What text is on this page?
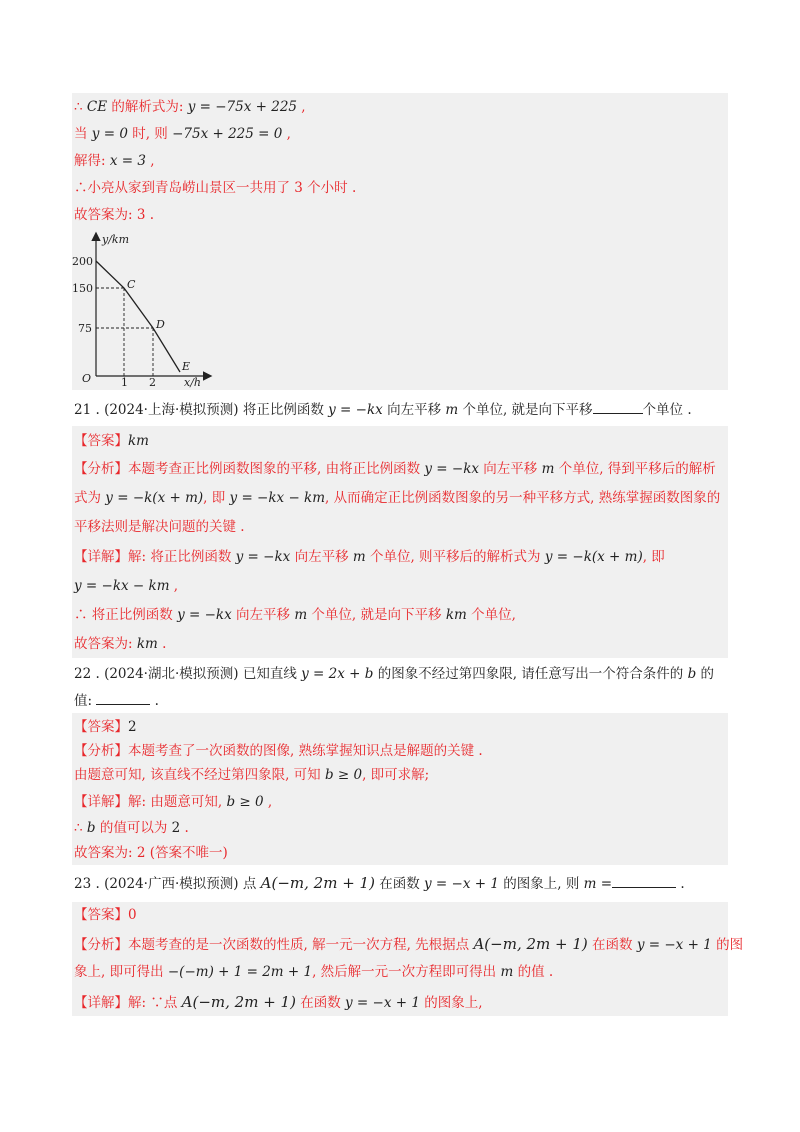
∴ CE 的解析式为: y = −75x + 225 ,
当 y = 0 时, 则 −75x + 225 = 0 ,
解得: x = 3 ,
∴小亮从家到青岛崂山景区一共用了 3 个小时 .
故答案为: 3 .
y/km
200
150
75
O	1 2	x/h
C
D
E
21 . (2024·上海·模拟预测) 将正比例函数 y = −kx 向左平移 m 个单位, 就是向下平移	个单位 .
【答案】km
【分析】本题考查正比例函数图象的平移, 由将正比例函数 y = −kx 向左平移 m 个单位, 得到平移后的解析
式为 y = −k(x + m), 即 y = −kx − km, 从而确定正比例函数图象的另一种平移方式, 熟练掌握函数图象的
平移法则是解决问题的关键 .
【详解】解: 将正比例函数 y = −kx 向左平移 m 个单位, 则平移后的解析式为 y = −k(x + m), 即
y = −kx − km ,
∴ 将正比例函数 y = −kx 向左平移 m 个单位, 就是向下平移 km 个单位,
故答案为: km .
22 . (2024·湖北·模拟预测) 已知直线 y = 2x + b 的图象不经过第四象限, 请任意写出一个符合条件的 b 的
值:	.
【答案】2
【分析】本题考查了一次函数的图像, 熟练掌握知识点是解题的关键 .
由题意可知, 该直线不经过第四象限, 可知 b ≥ 0, 即可求解;
【详解】解: 由题意可知, b ≥ 0 ,
∴ b 的值可以为 2 .
故答案为: 2 (答案不唯一)
23 . (2024·广西·模拟预测) 点 A(−m, 2m + 1) 在函数 y = −x + 1 的图象上, 则 m =	.
【答案】0
【分析】本题考查的是一次函数的性质, 解一元一次方程, 先根据点 A(−m, 2m + 1) 在函数 y = −x + 1 的图
象上, 即可得出 −(−m) + 1 = 2m + 1, 然后解一元一次方程即可得出 m 的值 .
【详解】解: ∵点 A(−m, 2m + 1) 在函数 y = −x + 1 的图象上,
